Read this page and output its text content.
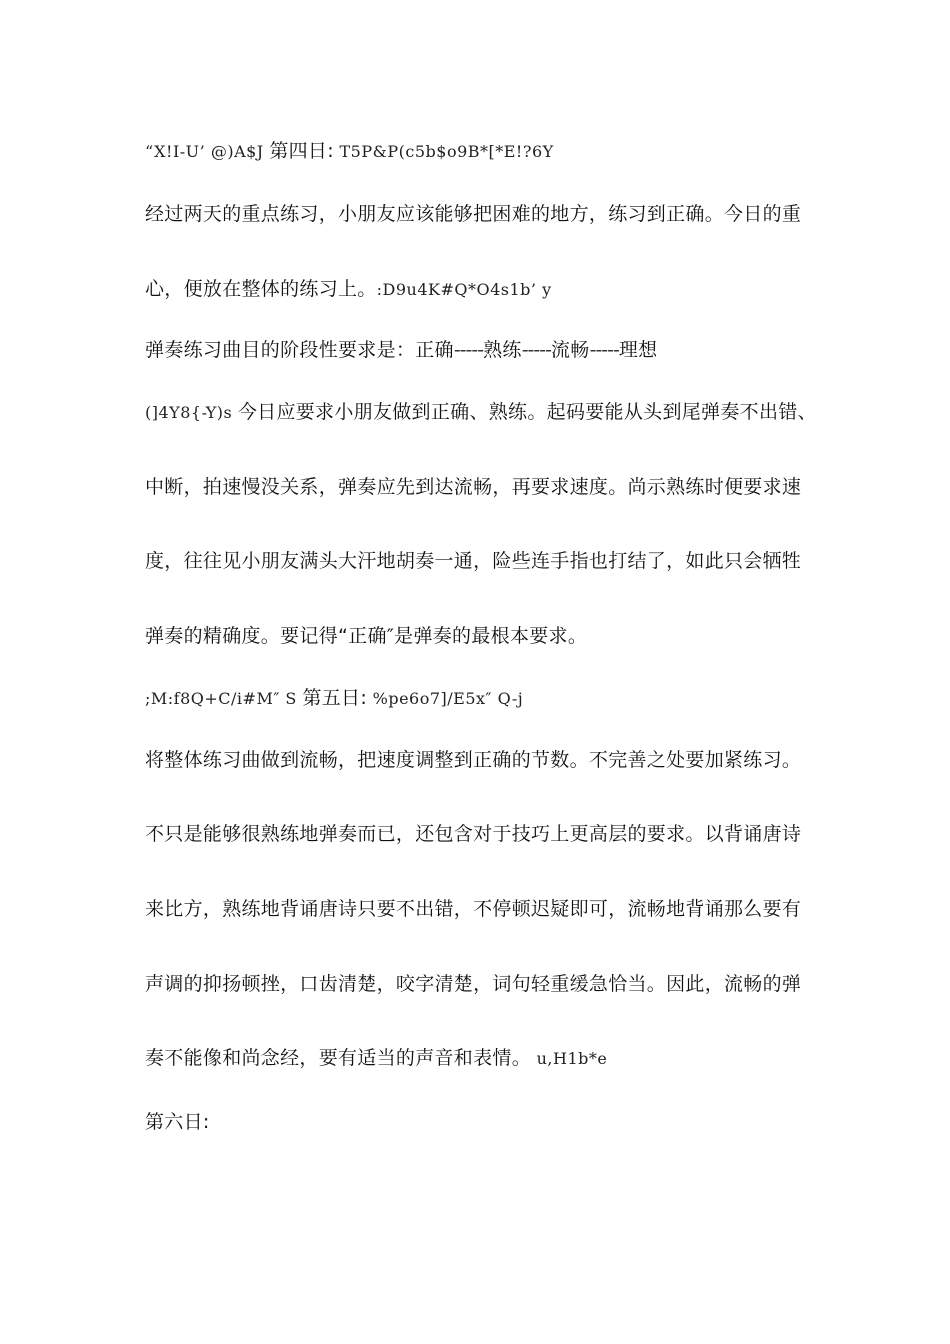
“X!I-U’ @)A$J 第四日: T5P&P(c5b$o9B*[*E!?6Y
经过两天的重点练习，小朋友应该能够把困难的地方，练习到正确。今日的重
心，便放在整体的练习上。:D9u4K#Q*O4s1b’ y
弹奏练习曲目的阶段性要求是：正确-----熟练-----流畅-----理想
(]4Y8{-Y)s 今日应要求小朋友做到正确、熟练。起码要能从头到尾弹奏不出错、
中断，拍速慢没关系，弹奏应先到达流畅，再要求速度。尚示熟练时便要求速
度，往往见小朋友满头大汗地胡奏一通，险些连手指也打结了，如此只会牺牲
弹奏的精确度。要记得“正确″是弹奏的最根本要求。
;M:f8Q+C/i#M″ S 第五日: %pe6o7]/E5x″ Q-j
将整体练习曲做到流畅，把速度调整到正确的节数。不完善之处要加紧练习。
不只是能够很熟练地弹奏而已，还包含对于技巧上更高层的要求。以背诵唐诗
来比方，熟练地背诵唐诗只要不出错，不停顿迟疑即可，流畅地背诵那么要有
声调的抑扬顿挫，口齿清楚，咬字清楚，词句轻重缓急恰当。因此，流畅的弹
奏不能像和尚念经，要有适当的声音和表情。 u,H1b*e
第六日:
